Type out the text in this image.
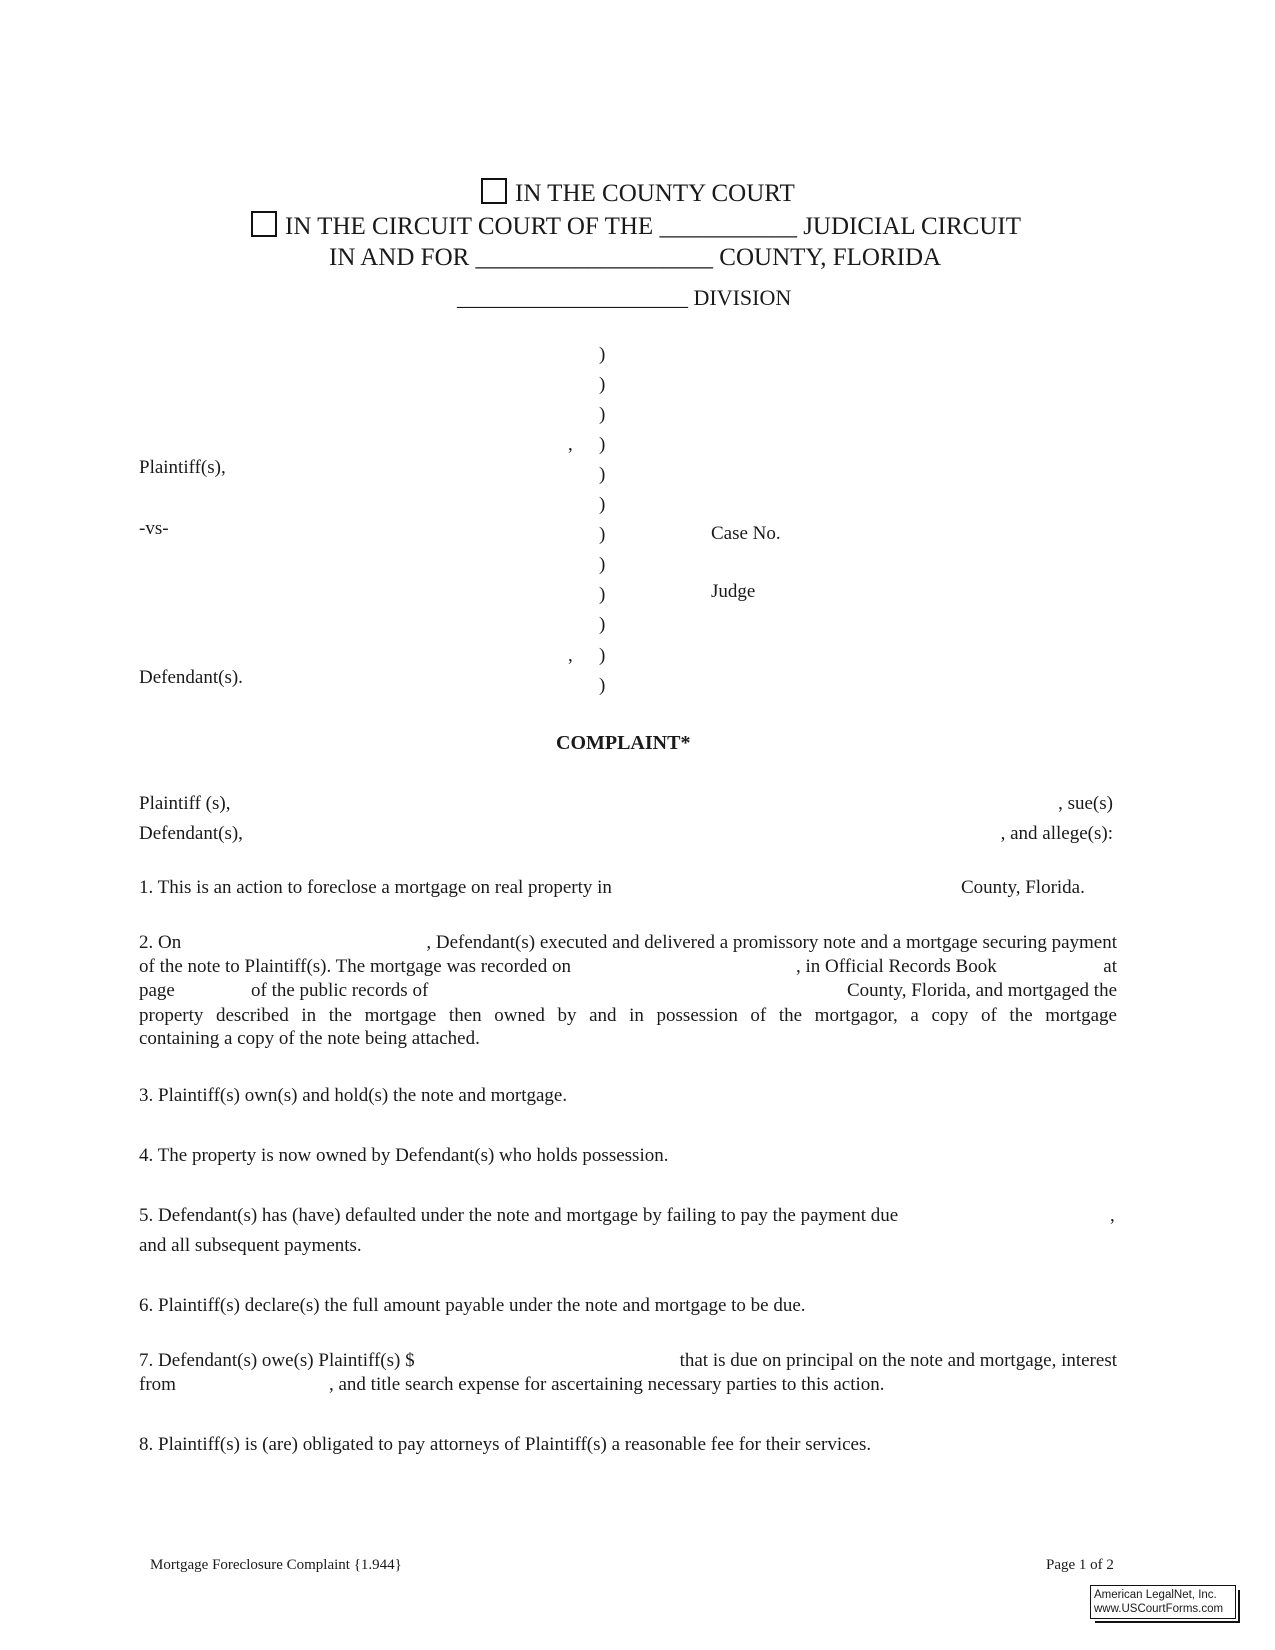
IN THE COUNTY COURT
IN THE CIRCUIT COURT OF THE ___________ JUDICIAL CIRCUIT
IN AND FOR ___________________ COUNTY, FLORIDA
_____________________ DIVISION
)
)
)
)
)
)
)
)
)
)
)
)
,
,
Plaintiff(s),
-vs-
Defendant(s).
Case No.
Judge
COMPLAINT*
Plaintiff (s),	, sue(s)
Defendant(s),	, and allege(s):
1. This is an action to foreclose a mortgage on real property in	County, Florida.
2. On	, Defendant(s) executed and delivered a promissory note and a mortgage securing payment
of the note to Plaintiff(s). The mortgage was recorded on	, in Official Records Book	at
page	of the public records of	County, Florida, and mortgaged the
property described in the mortgage then owned by and in possession of the mortgagor, a copy of the mortgage
containing a copy of the note being attached.
3. Plaintiff(s) own(s) and hold(s) the note and mortgage.
4. The property is now owned by Defendant(s) who holds possession.
5. Defendant(s) has (have) defaulted under the note and mortgage by failing to pay the payment due	,
and all subsequent payments.
6. Plaintiff(s) declare(s) the full amount payable under the note and mortgage to be due.
7. Defendant(s) owe(s) Plaintiff(s) $	that is due on principal on the note and mortgage, interest
from	, and title search expense for ascertaining necessary parties to this action.
8. Plaintiff(s) is (are) obligated to pay attorneys of Plaintiff(s) a reasonable fee for their services.
Mortgage Foreclosure Complaint {1.944}	Page 1 of 2
American LegalNet, Inc.
www.USCourtForms.com
